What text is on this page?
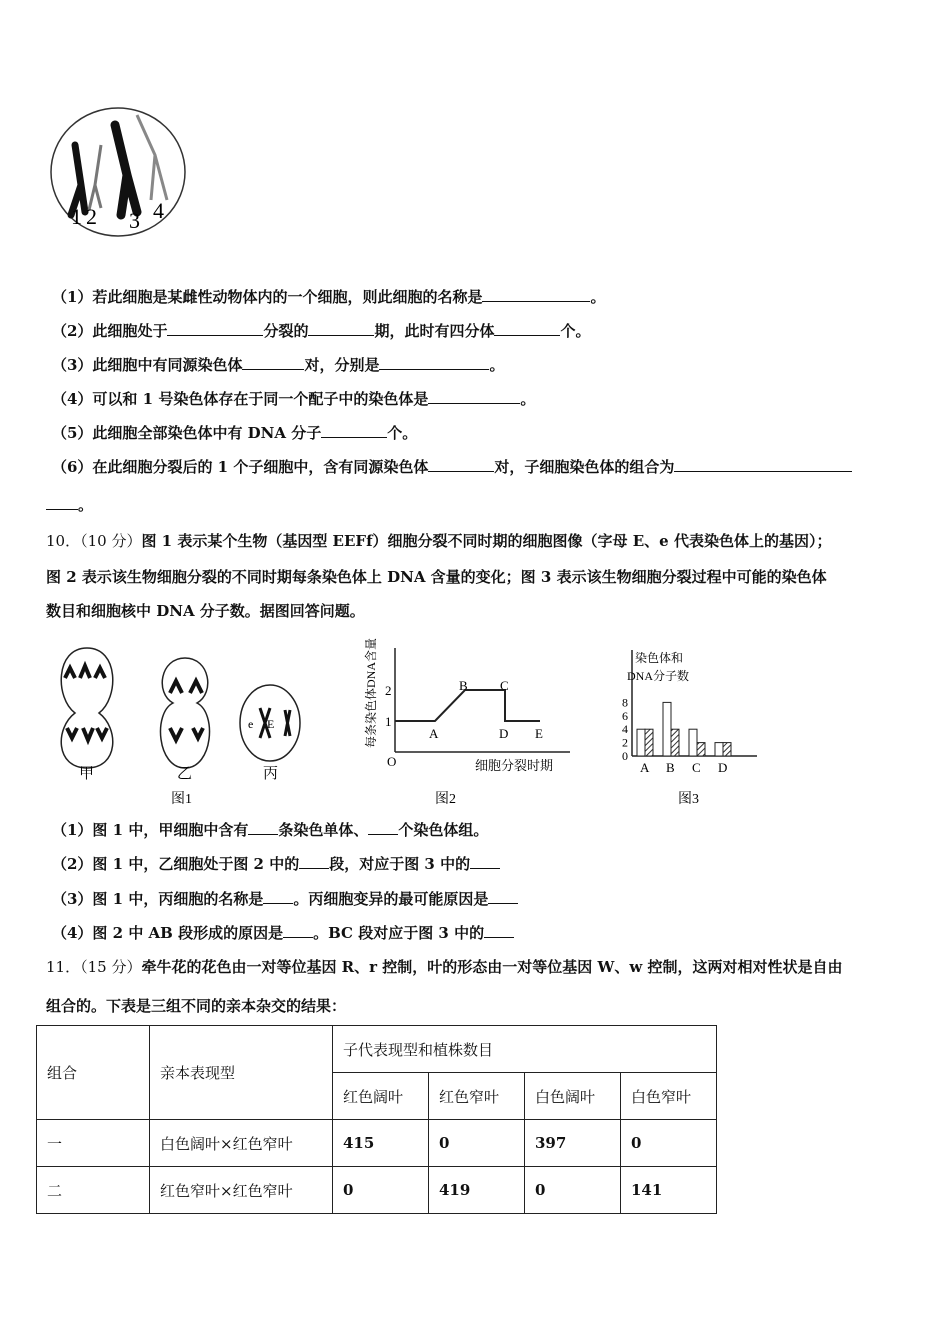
1 2 3 4
（1）若此细胞是某雌性动物体内的一个细胞，则此细胞的名称是	。
（2）此细胞处于	分裂的	期，此时有四分体	个。
（3）此细胞中有同源染色体	对，分别是	。
（4）可以和 1 号染色体存在于同一个配子中的染色体是	。
（5）此细胞全部染色体中有 DNA 分子	个。
（6）在此细胞分裂后的 1 个子细胞中，含有同源染色体	对，子细胞染色体的组合为
。
10．（10 分）图 1 表示某个生物（基因型 EEFf）细胞分裂不同时期的细胞图像（字母 E、e 代表染色体上的基因）；
图 2 表示该生物细胞分裂的不同时期每条染色体上 DNA 含量的变化；图 3 表示该生物细胞分裂过程中可能的染色体
数目和细胞核中 DNA 分子数。据图回答问题。
e E
甲	乙	丙
图1
1
2
O
A
B C
D E
细胞分裂时期
每条染色体DNA含量
图2
染色体和
DNA分子数
0
2
4
6
8
A B C D
图3
（1）图 1 中，甲细胞中含有 条染色单体、 个染色体组。
（2）图 1 中，乙细胞处于图 2 中的 段，对应于图 3 中的
（3）图 1 中，丙细胞的名称是 。丙细胞变异的最可能原因是
（4）图 2 中 AB 段形成的原因是 。BC 段对应于图 3 中的
11．（15 分）牵牛花的花色由一对等位基因 R、r 控制，叶的形态由一对等位基因 W、w 控制，这两对相对性状是自由
组合的。下表是三组不同的亲本杂交的结果：
组合	亲本表现型	子代表现型和植株数目			
		红色阔叶	红色窄叶	白色阔叶	白色窄叶
一	白色阔叶×红色窄叶	415	0	397	0
二	红色窄叶×红色窄叶	0	419	0	141
